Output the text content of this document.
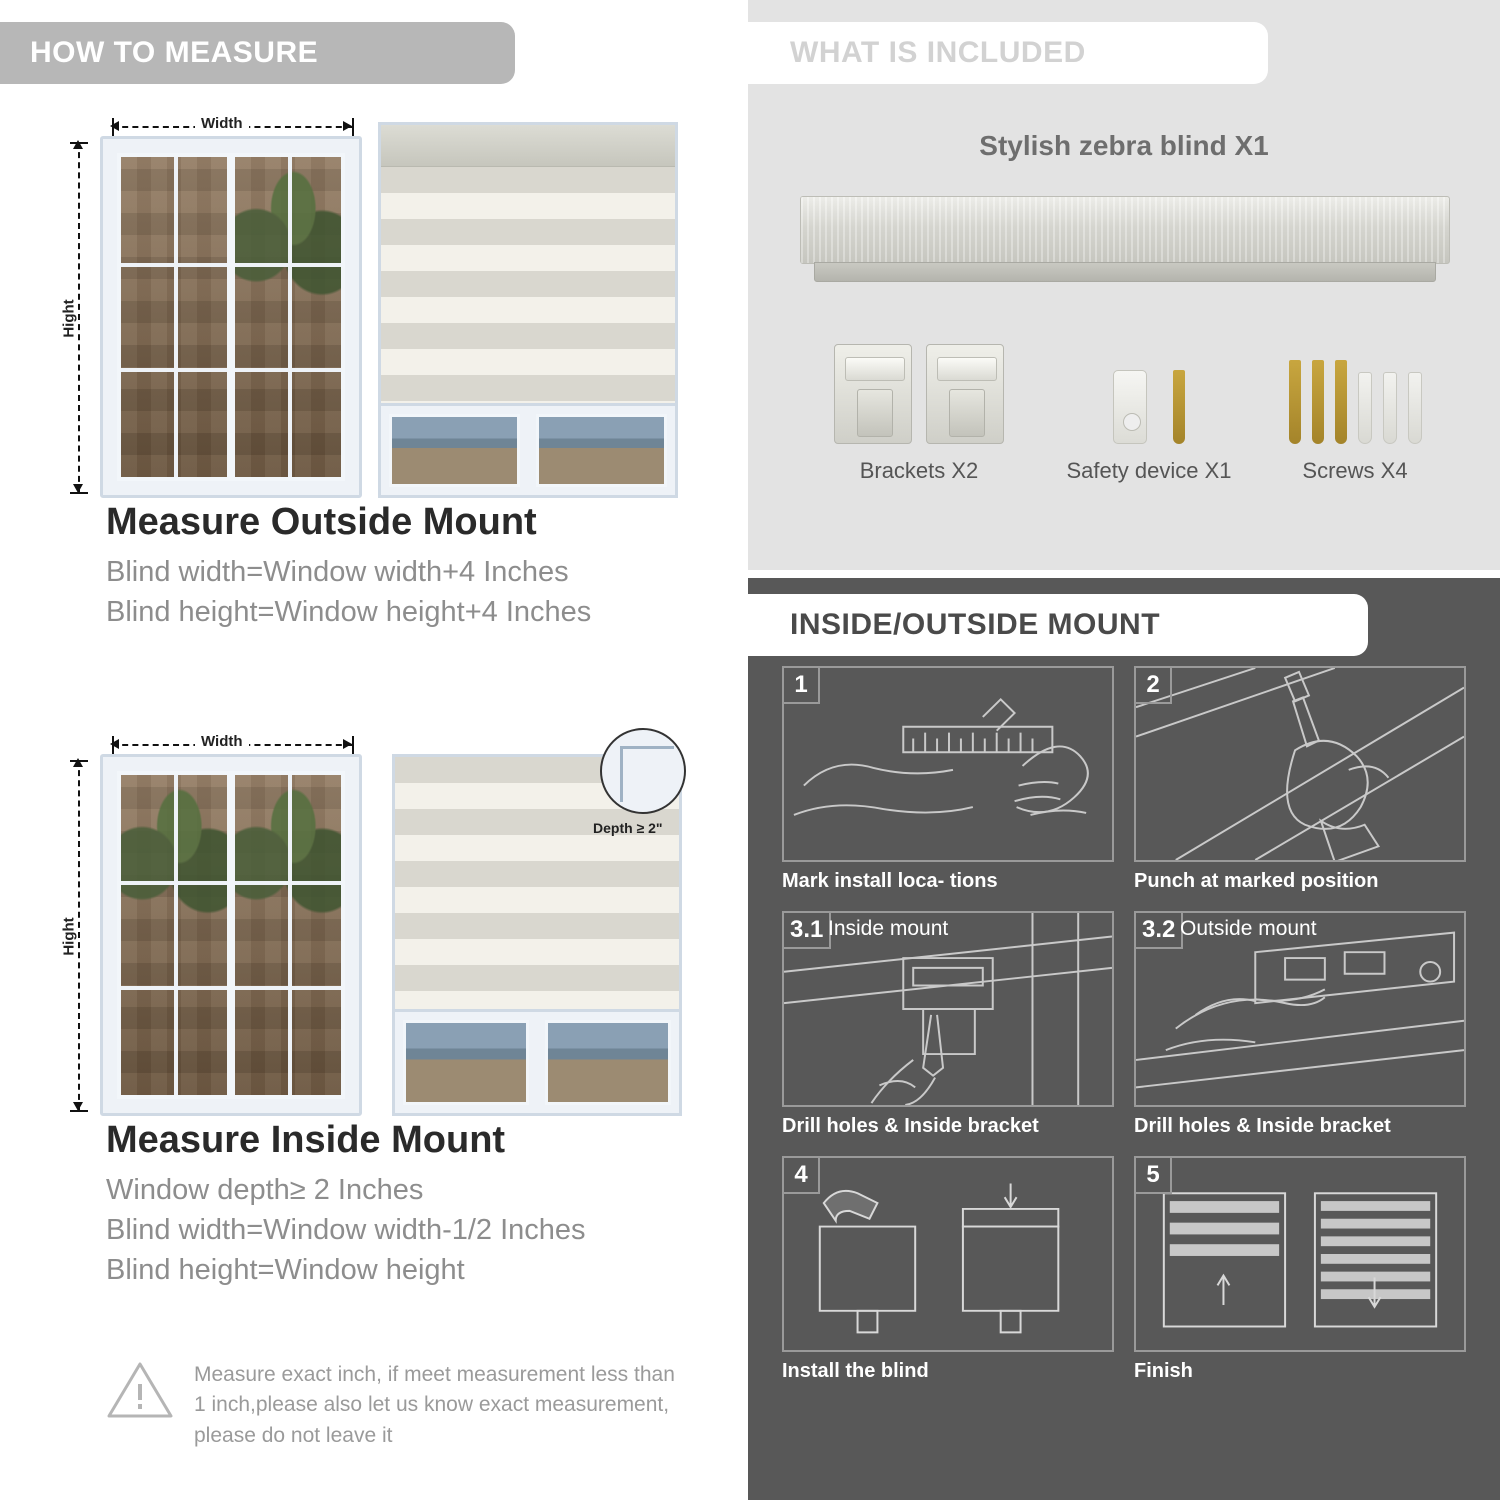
HOW TO MEASURE
Width
Hight
Measure Outside Mount
Blind width=Window width+4 Inches
Blind height=Window height+4 Inches
Width
Hight
Depth ≥ 2"
Measure Inside Mount
Window depth≥ 2 Inches
Blind width=Window width-1/2 Inches
Blind height=Window height
Measure exact inch, if meet measurement less than 1 inch,please also let us know exact measurement, please do not leave it
WHAT IS INCLUDED
Stylish zebra blind X1
Brackets X2	Safety device X1	Screws X4
INSIDE/OUTSIDE MOUNT
1
Mark install loca- tions
2
Punch at marked position
3.1 Inside mount
Drill holes & Inside bracket
3.2 Outside mount
Drill holes & Inside bracket
4
Install the blind
5
Finish
